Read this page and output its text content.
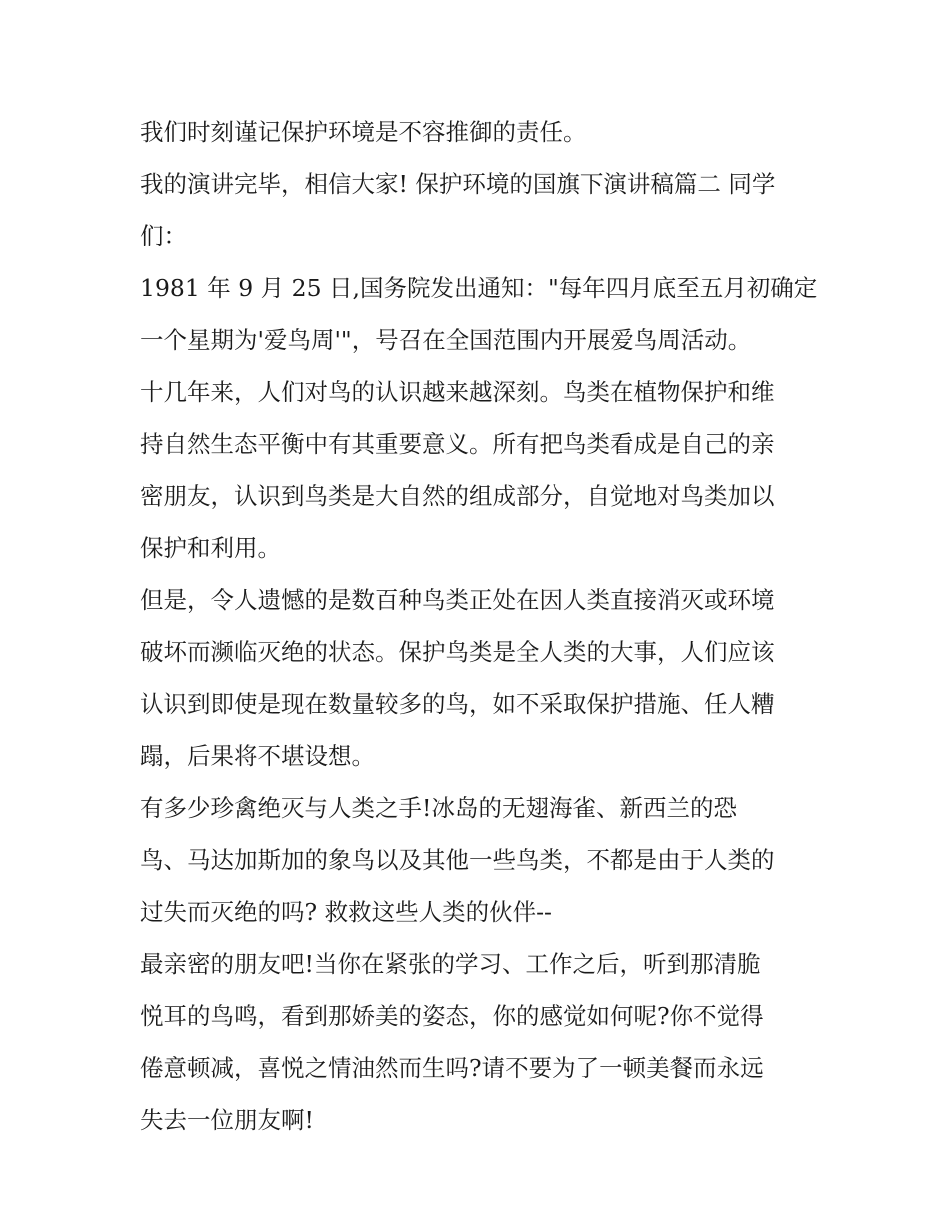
我们时刻谨记保护环境是不容推御的责任。
我的演讲完毕，相信大家! 保护环境的国旗下演讲稿篇二 同学
们：
1981 年 9 月 25 日,国务院发出通知："每年四月底至五月初确定
一个星期为'爱鸟周'"，号召在全国范围内开展爱鸟周活动。
十几年来，人们对鸟的认识越来越深刻。鸟类在植物保护和维
持自然生态平衡中有其重要意义。所有把鸟类看成是自己的亲
密朋友，认识到鸟类是大自然的组成部分，自觉地对鸟类加以
保护和利用。
但是，令人遗憾的是数百种鸟类正处在因人类直接消灭或环境
破坏而濒临灭绝的状态。保护鸟类是全人类的大事，人们应该
认识到即使是现在数量较多的鸟，如不采取保护措施、任人糟
蹋，后果将不堪设想。
有多少珍禽绝灭与人类之手!冰岛的无翅海雀、新西兰的恐
鸟、马达加斯加的象鸟以及其他一些鸟类，不都是由于人类的
过失而灭绝的吗? 救救这些人类的伙伴--
最亲密的朋友吧!当你在紧张的学习、工作之后，听到那清脆
悦耳的鸟鸣，看到那娇美的姿态，你的感觉如何呢?你不觉得
倦意顿减，喜悦之情油然而生吗?请不要为了一顿美餐而永远
失去一位朋友啊!
